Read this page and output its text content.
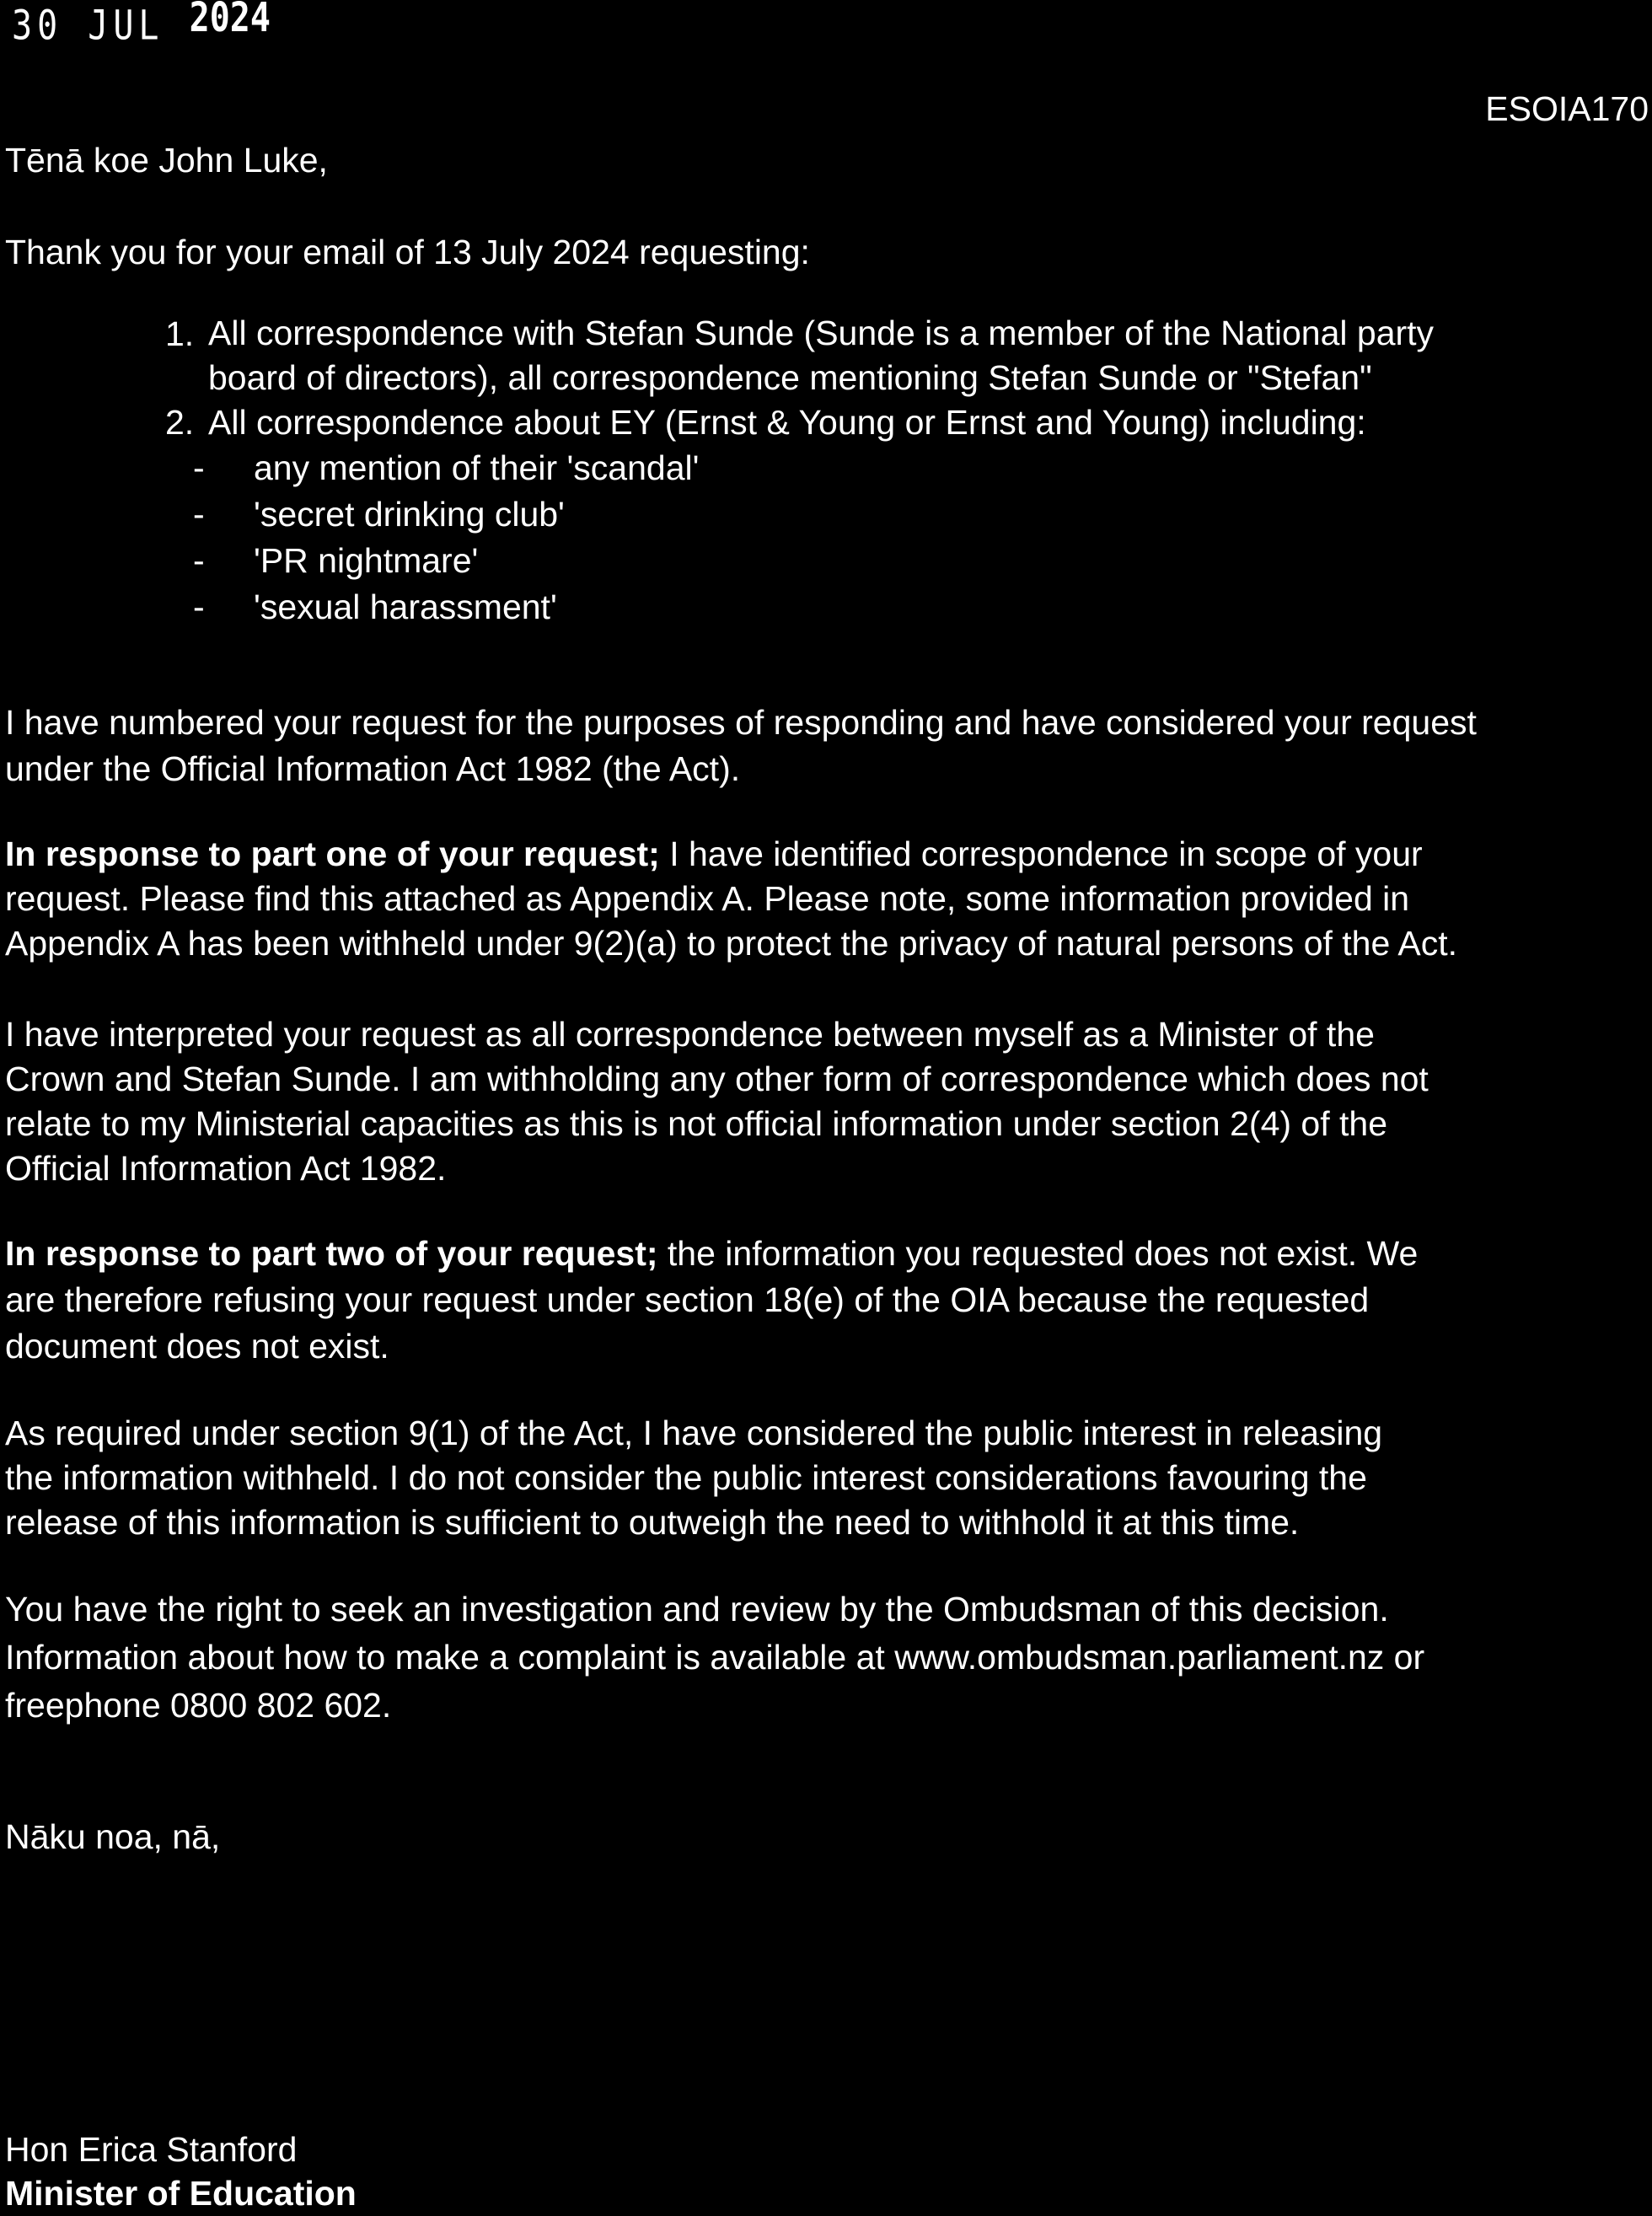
30 JUL 2024
ESOIA170
Tēnā koe John Luke,
Thank you for your email of 13 July 2024 requesting:
1. All correspondence with Stefan Sunde (Sunde is a member of the National party
board of directors), all correspondence mentioning Stefan Sunde or "Stefan"
2. All correspondence about EY (Ernst & Young or Ernst and Young) including:
- any mention of their 'scandal'
- 'secret drinking club'
- 'PR nightmare'
- 'sexual harassment'
I have numbered your request for the purposes of responding and have considered your request
under the Official Information Act 1982 (the Act).
In response to part one of your request; I have identified correspondence in scope of your
request. Please find this attached as Appendix A. Please note, some information provided in
Appendix A has been withheld under 9(2)(a) to protect the privacy of natural persons of the Act.
I have interpreted your request as all correspondence between myself as a Minister of the
Crown and Stefan Sunde. I am withholding any other form of correspondence which does not
relate to my Ministerial capacities as this is not official information under section 2(4) of the
Official Information Act 1982.
In response to part two of your request; the information you requested does not exist. We
are therefore refusing your request under section 18(e) of the OIA because the requested
document does not exist.
As required under section 9(1) of the Act, I have considered the public interest in releasing
the information withheld. I do not consider the public interest considerations favouring the
release of this information is sufficient to outweigh the need to withhold it at this time.
You have the right to seek an investigation and review by the Ombudsman of this decision.
Information about how to make a complaint is available at www.ombudsman.parliament.nz or
freephone 0800 802 602.
Nāku noa, nā,
Hon Erica Stanford
Minister of Education
